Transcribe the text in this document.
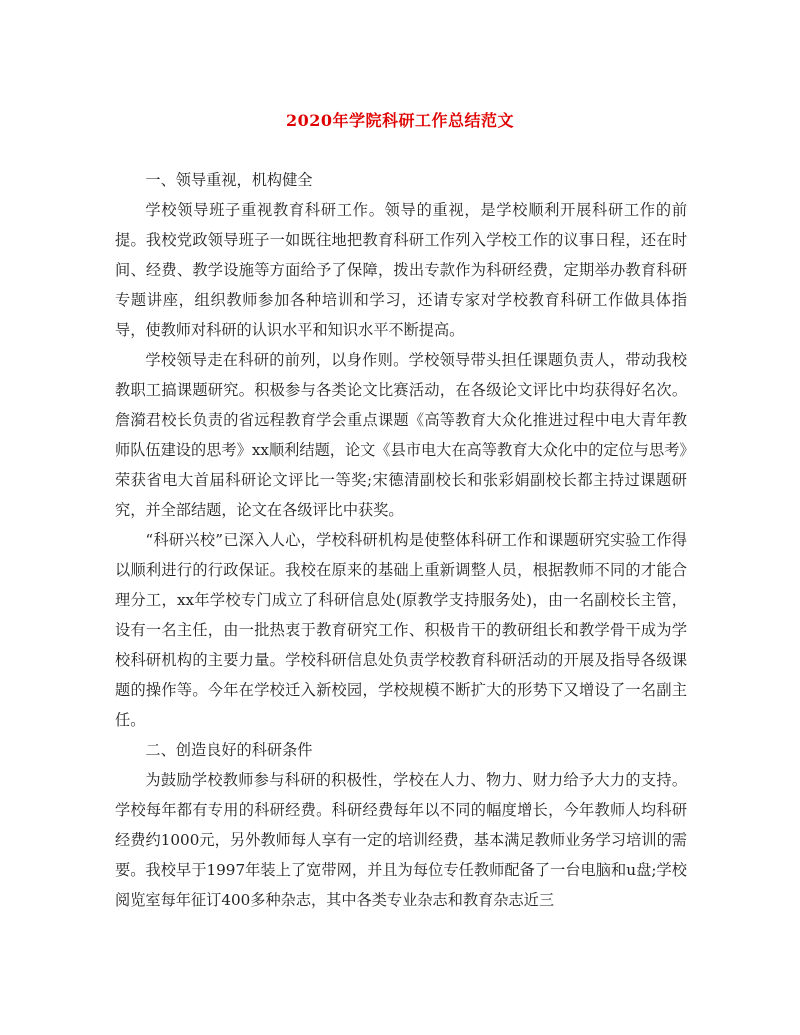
2020年学院科研工作总结范文

一、领导重视，机构健全

学校领导班子重视教育科研工作。领导的重视，是学校顺利开展科研工作的前提。我校党政领导班子一如既往地把教育科研工作列入学校工作的议事日程，还在时间、经费、教学设施等方面给予了保障，拨出专款作为科研经费，定期举办教育科研专题讲座，组织教师参加各种培训和学习，还请专家对学校教育科研工作做具体指导，使教师对科研的认识水平和知识水平不断提高。

学校领导走在科研的前列，以身作则。学校领导带头担任课题负责人，带动我校教职工搞课题研究。积极参与各类论文比赛活动，在各级论文评比中均获得好名次。詹漪君校长负责的省远程教育学会重点课题《高等教育大众化推进过程中电大青年教师队伍建设的思考》xx顺利结题，论文《县市电大在高等教育大众化中的定位与思考》荣获省电大首届科研论文评比一等奖;宋德清副校长和张彩娟副校长都主持过课题研究，并全部结题，论文在各级评比中获奖。

“科研兴校”已深入人心，学校科研机构是使整体科研工作和课题研究实验工作得以顺利进行的行政保证。我校在原来的基础上重新调整人员，根据教师不同的才能合理分工，xx年学校专门成立了科研信息处(原教学支持服务处)，由一名副校长主管，设有一名主任，由一批热衷于教育研究工作、积极肯干的教研组长和教学骨干成为学校科研机构的主要力量。学校科研信息处负责学校教育科研活动的开展及指导各级课题的操作等。今年在学校迁入新校园，学校规模不断扩大的形势下又增设了一名副主任。

二、创造良好的科研条件

为鼓励学校教师参与科研的积极性，学校在人力、物力、财力给予大力的支持。学校每年都有专用的科研经费。科研经费每年以不同的幅度增长，今年教师人均科研经费约1000元，另外教师每人享有一定的培训经费，基本满足教师业务学习培训的需要。我校早于1997年装上了宽带网，并且为每位专任教师配备了一台电脑和u盘;学校阅览室每年征订400多种杂志，其中各类专业杂志和教育杂志近三
